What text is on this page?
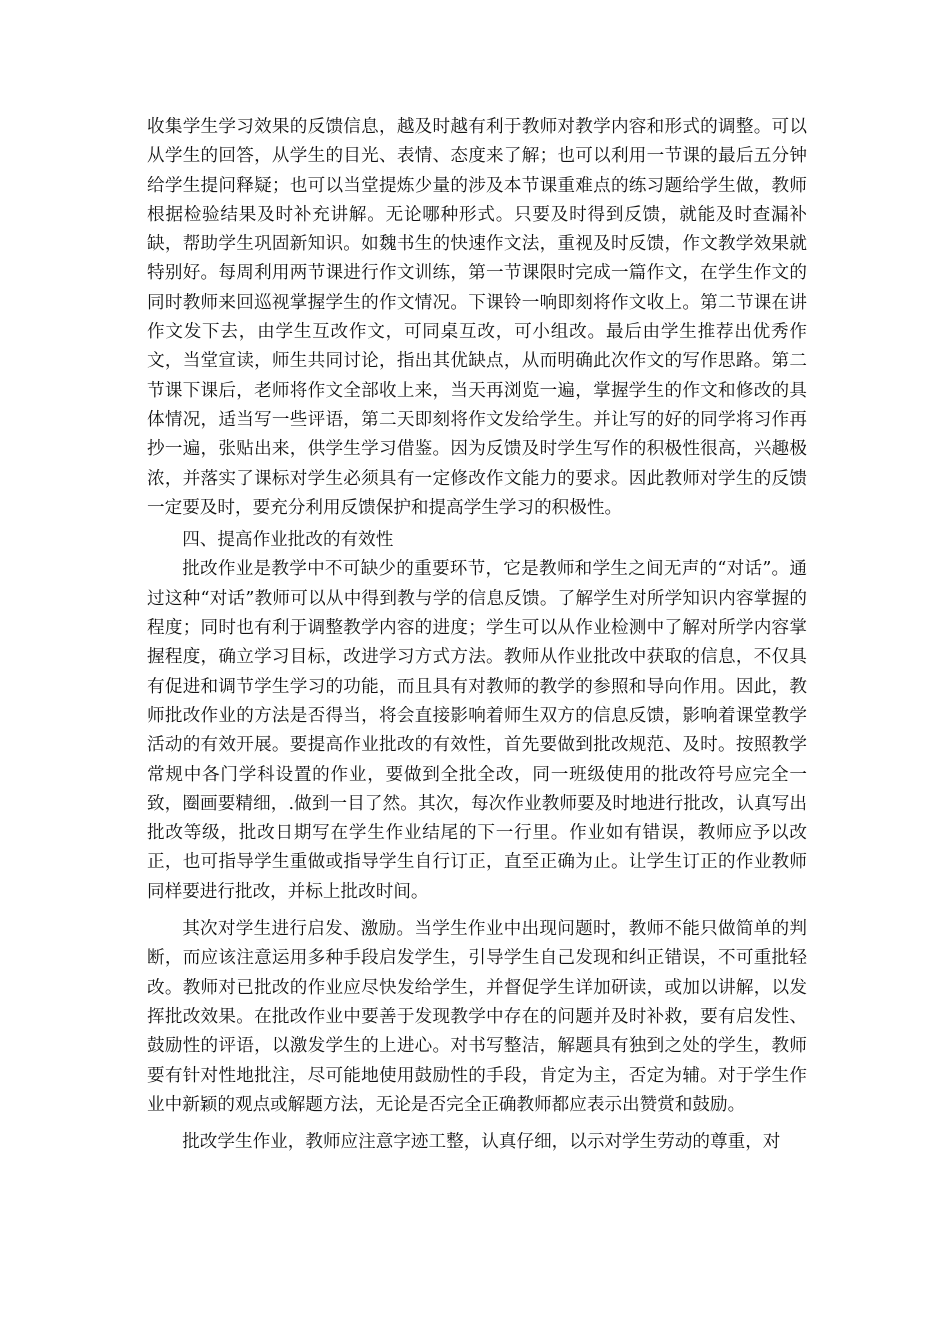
收集学生学习效果的反馈信息，越及时越有利于教师对教学内容和形式的调整。可以从学生的回答，从学生的目光、表情、态度来了解；也可以利用一节课的最后五分钟给学生提问释疑；也可以当堂提炼少量的涉及本节课重难点的练习题给学生做，教师根据检验结果及时补充讲解。无论哪种形式。只要及时得到反馈，就能及时查漏补缺，帮助学生巩固新知识。如魏书生的快速作文法，重视及时反馈，作文教学效果就特别好。每周利用两节课进行作文训练，第一节课限时完成一篇作文，在学生作文的同时教师来回巡视掌握学生的作文情况。下课铃一响即刻将作文收上。第二节课在讲作文发下去，由学生互改作文，可同桌互改，可小组改。最后由学生推荐出优秀作文，当堂宣读，师生共同讨论，指出其优缺点，从而明确此次作文的写作思路。第二节课下课后，老师将作文全部收上来，当天再浏览一遍，掌握学生的作文和修改的具体情况，适当写一些评语，第二天即刻将作文发给学生。并让写的好的同学将习作再抄一遍，张贴出来，供学生学习借鉴。因为反馈及时学生写作的积极性很高，兴趣极浓，并落实了课标对学生必须具有一定修改作文能力的要求。因此教师对学生的反馈一定要及时，要充分利用反馈保护和提高学生学习的积极性。

四、提高作业批改的有效性

批改作业是教学中不可缺少的重要环节，它是教师和学生之间无声的“对话”。通过这种“对话”教师可以从中得到教与学的信息反馈。了解学生对所学知识内容掌握的程度；同时也有利于调整教学内容的进度；学生可以从作业检测中了解对所学内容掌握程度，确立学习目标，改进学习方式方法。教师从作业批改中获取的信息，不仅具有促进和调节学生学习的功能，而且具有对教师的教学的参照和导向作用。因此，教师批改作业的方法是否得当，将会直接影响着师生双方的信息反馈，影响着课堂教学活动的有效开展。要提高作业批改的有效性，首先要做到批改规范、及时。按照教学常规中各门学科设置的作业，要做到全批全改，同一班级使用的批改符号应完全一致，圈画要精细，.做到一目了然。其次，每次作业教师要及时地进行批改，认真写出批改等级，批改日期写在学生作业结尾的下一行里。作业如有错误，教师应予以改正，也可指导学生重做或指导学生自行订正，直至正确为止。让学生订正的作业教师同样要进行批改，并标上批改时间。

其次对学生进行启发、激励。当学生作业中出现问题时，教师不能只做简单的判断，而应该注意运用多种手段启发学生，引导学生自己发现和纠正错误，不可重批轻改。教师对已批改的作业应尽快发给学生，并督促学生详加研读，或加以讲解，以发挥批改效果。在批改作业中要善于发现教学中存在的问题并及时补救，要有启发性、鼓励性的评语，以激发学生的上进心。对书写整洁，解题具有独到之处的学生，教师要有针对性地批注，尽可能地使用鼓励性的手段，肯定为主，否定为辅。对于学生作业中新颖的观点或解题方法，无论是否完全正确教师都应表示出赞赏和鼓励。

批改学生作业，教师应注意字迹工整，认真仔细，以示对学生劳动的尊重，对
